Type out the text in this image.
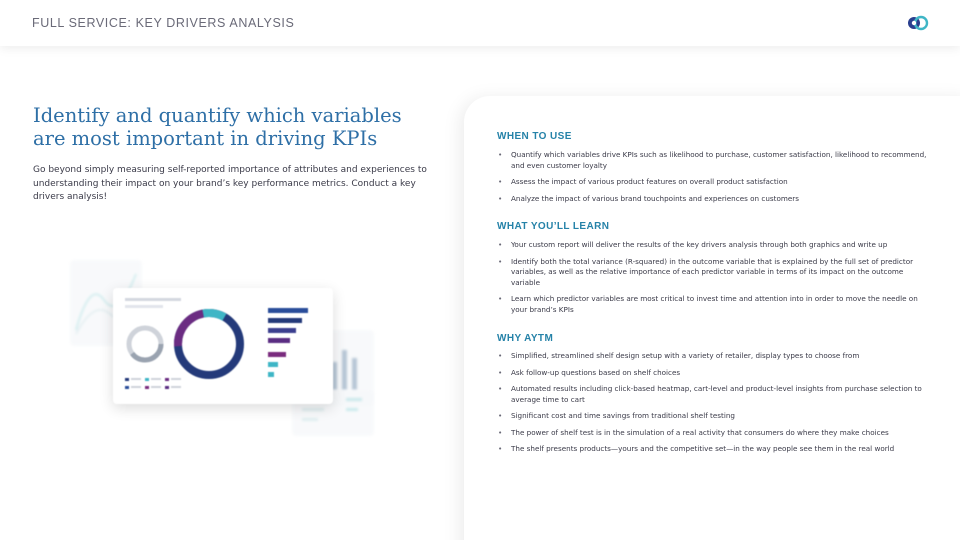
FULL SERVICE: KEY DRIVERS ANALYSIS
Identify and quantify which variables
are most important in driving KPIs

Go beyond simply measuring self-reported importance of attributes and experiences to understanding their impact on your brand’s key performance metrics. Conduct a key drivers analysis!

WHEN TO USE
• Quantify which variables drive KPIs such as likelihood to purchase, customer satisfaction, likelihood to recommend, and even customer loyalty
• Assess the impact of various product features on overall product satisfaction
• Analyze the impact of various brand touchpoints and experiences on customers
WHAT YOU’LL LEARN
• Your custom report will deliver the results of the key drivers analysis through both graphics and write up
• Identify both the total variance (R-squared) in the outcome variable that is explained by the full set of predictor variables, as well as the relative importance of each predictor variable in terms of its impact on the outcome variable
• Learn which predictor variables are most critical to invest time and attention into in order to move the needle on your brand’s KPIs
WHY AYTM
• Simplified, streamlined shelf design setup with a variety of retailer, display types to choose from
• Ask follow-up questions based on shelf choices
• Automated results including click-based heatmap, cart-level and product-level insights from purchase selection to average time to cart
• Significant cost and time savings from traditional shelf testing
• The power of shelf test is in the simulation of a real activity that consumers do where they make choices
• The shelf presents products—yours and the competitive set—in the way people see them in the real world
